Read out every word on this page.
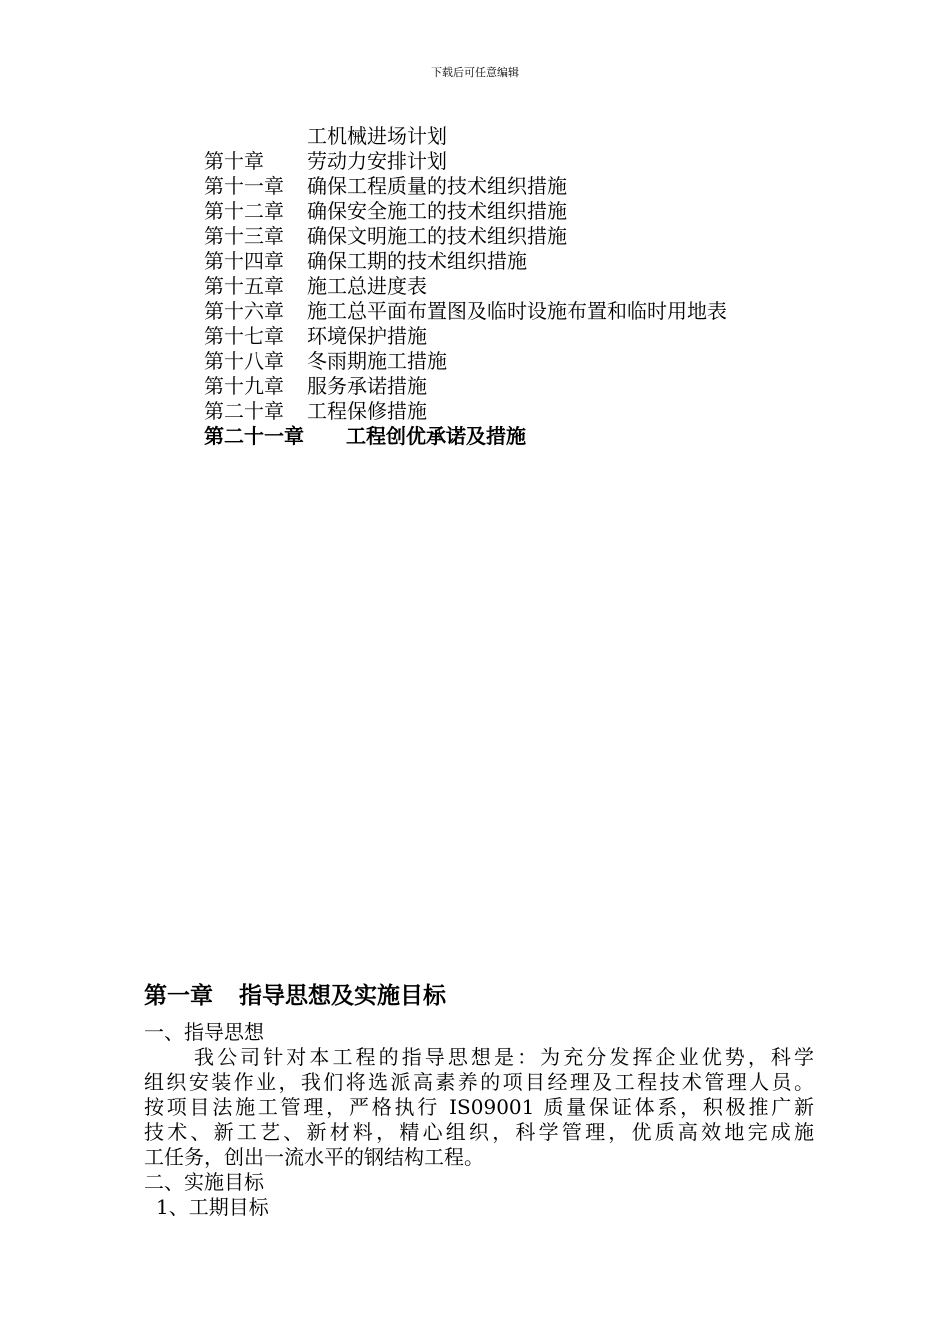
下载后可任意编辑
工机械进场计划
第十章 劳动力安排计划
第十一章 确保工程质量的技术组织措施
第十二章 确保安全施工的技术组织措施
第十三章 确保文明施工的技术组织措施
第十四章 确保工期的技术组织措施
第十五章 施工总进度表
第十六章 施工总平面布置图及临时设施布置和临时用地表
第十七章 环境保护措施
第十八章 冬雨期施工措施
第十九章 服务承诺措施
第二十章 工程保修措施
第二十一章 工程创优承诺及措施
第一章 指导思想及实施目标
一、指导思想
我公司针对本工程的指导思想是：为充分发挥企业优势，科学
组织安装作业，我们将选派高素养的项目经理及工程技术管理人员。
按项目法施工管理，严格执行 IS09001 质量保证体系，积极推广新
技术、新工艺、新材料，精心组织，科学管理，优质高效地完成施
工任务，创出一流水平的钢结构工程。
二、实施目标
1、工期目标
